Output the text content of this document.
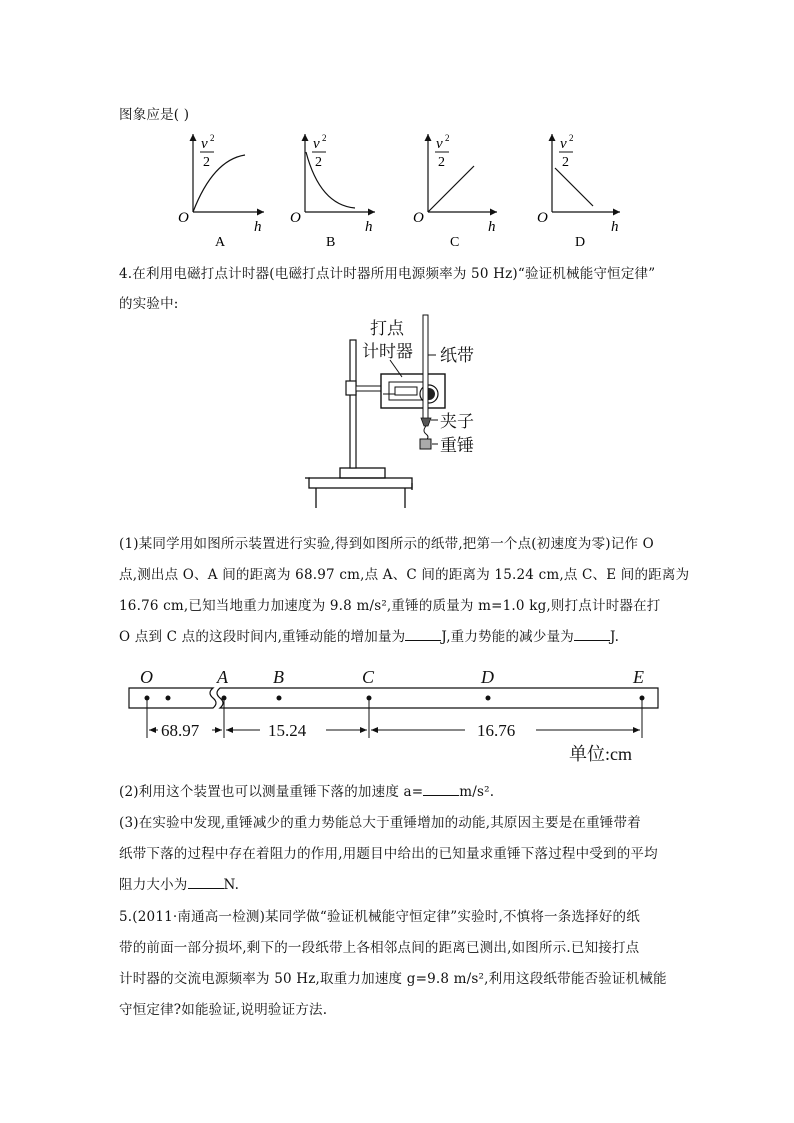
图象应是( )
v	v	v	v
2	2	2	2
2	2	2	2
O	O	O	O
h	h	h	h
A	B	C	D
4.在利用电磁打点计时器(电磁打点计时器所用电源频率为 50 Hz)“验证机械能守恒定律”
的实验中:
打点
计时器 纸带
夹子
重锤
(1)某同学用如图所示装置进行实验,得到如图所示的纸带,把第一个点(初速度为零)记作 O
点,测出点 O、A 间的距离为 68.97 cm,点 A、C 间的距离为 15.24 cm,点 C、E 间的距离为
16.76 cm,已知当地重力加速度为 9.8 m/s²,重锤的质量为 m=1.0 kg,则打点计时器在打
O 点到 C 点的这段时间内,重锤动能的增加量为	J,重力势能的减少量为	J.
O	A	B	C	D	E
68.97	15.24	16.76
单位:cm
(2)利用这个装置也可以测量重锤下落的加速度 a=	m/s².
(3)在实验中发现,重锤减少的重力势能总大于重锤增加的动能,其原因主要是在重锤带着
纸带下落的过程中存在着阻力的作用,用题目中给出的已知量求重锤下落过程中受到的平均
阻力大小为	N.
5.(2011·南通高一检测)某同学做“验证机械能守恒定律”实验时,不慎将一条选择好的纸
带的前面一部分损坏,剩下的一段纸带上各相邻点间的距离已测出,如图所示.已知接打点
计时器的交流电源频率为 50 Hz,取重力加速度 g=9.8 m/s²,利用这段纸带能否验证机械能
守恒定律?如能验证,说明验证方法.
